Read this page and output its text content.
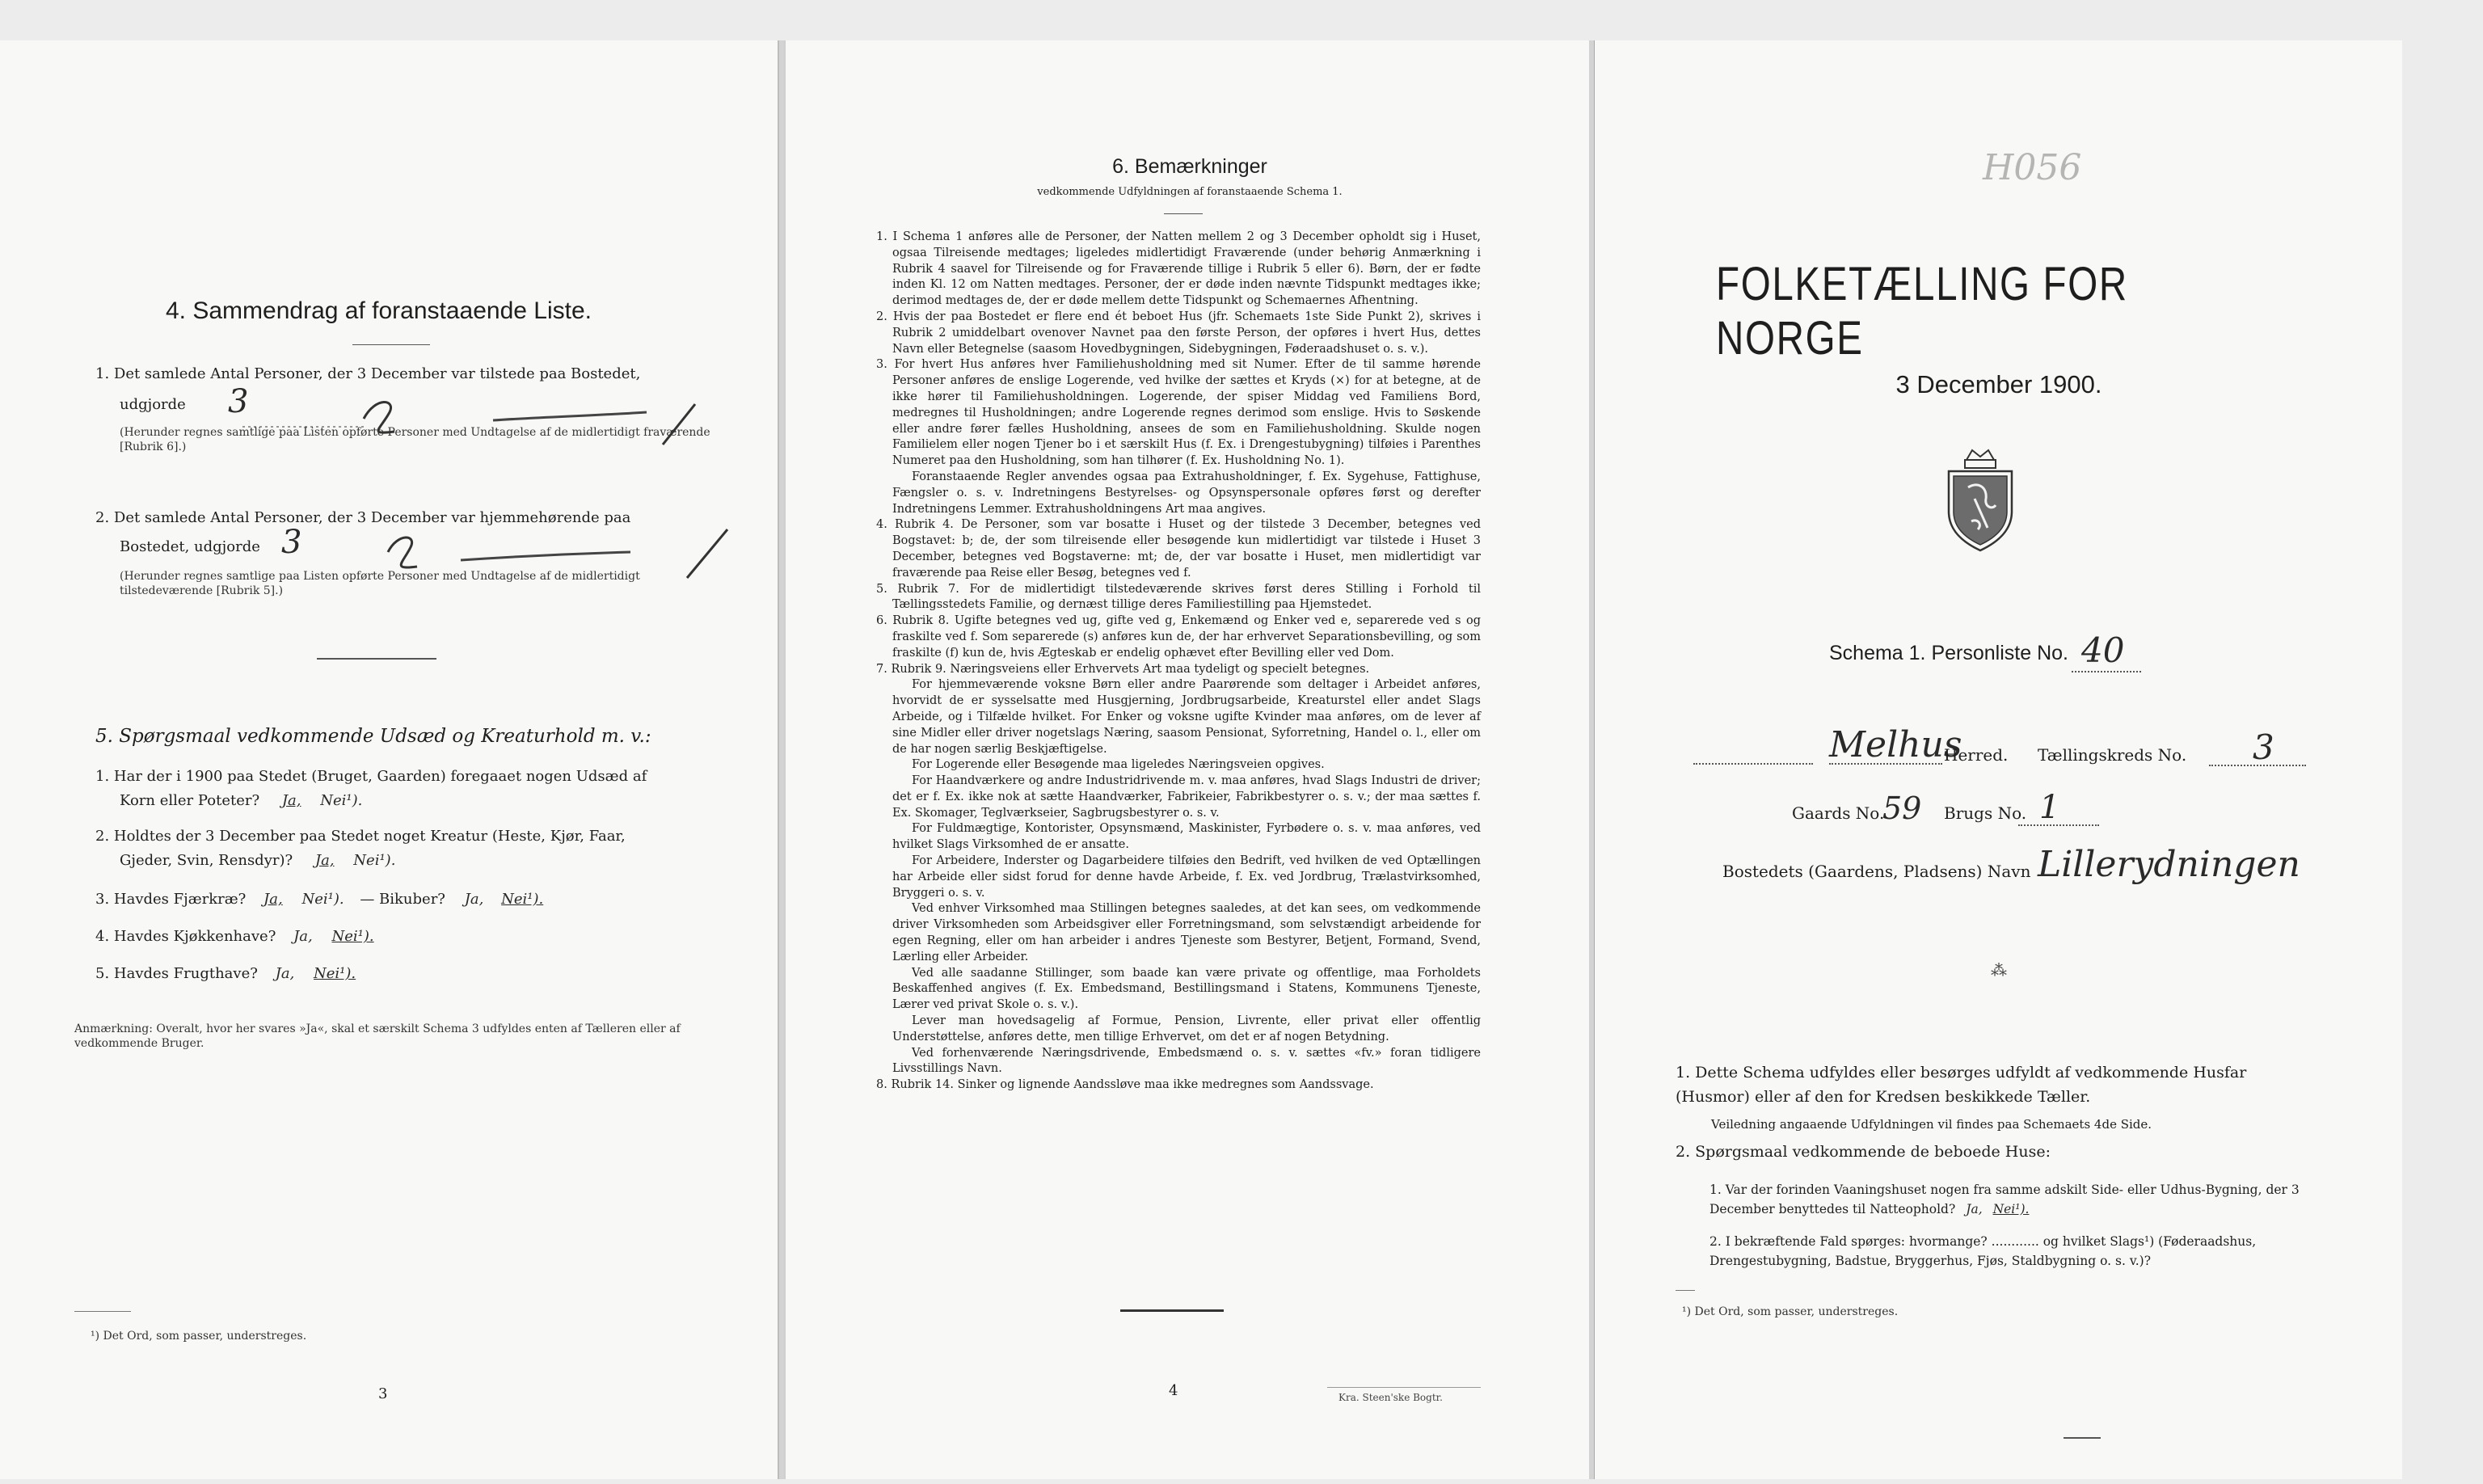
4. Sammendrag af foranstaaende Liste.
1. Det samlede Antal Personer, der 3 December var tilstede paa Bostedet,
udgjorde 3
(Herunder regnes samtlige paa Listen opførte Personer med Undtagelse af de midlertidigt fraværende [Rubrik 6].)
2. Det samlede Antal Personer, der 3 December var hjemmehørende paa
Bostedet, udgjorde 3
(Herunder regnes samtlige paa Listen opførte Personer med Undtagelse af de midlertidigt tilstedeværende [Rubrik 5].)
5. Spørgsmaal vedkommende Udsæd og Kreaturhold m. v.:
1. Har der i 1900 paa Stedet (Bruget, Gaarden) foregaaet nogen Udsæd af
Korn eller Poteter? Ja, Nei¹).
2. Holdtes der 3 December paa Stedet noget Kreatur (Heste, Kjør, Faar,
Gjeder, Svin, Rensdyr)? Ja, Nei¹).
3. Havdes Fjærkræ? Ja, Nei¹). — Bikuber? Ja, Nei¹).
4. Havdes Kjøkkenhave? Ja, Nei¹).
5. Havdes Frugthave? Ja, Nei¹).
Anmærkning: Overalt, hvor her svares »Ja«, skal et særskilt Schema 3 udfyldes enten af Tælleren eller af vedkommende Bruger.
¹) Det Ord, som passer, understreges.
3
6. Bemærkninger
vedkommende Udfyldningen af foranstaaende Schema 1.

1. I Schema 1 anføres alle de Personer, der Natten mellem 2 og 3 December opholdt sig i Huset, ogsaa Tilreisende medtages; ligeledes midlertidigt Fraværende (under behørig Anmærkning i Rubrik 4 saavel for Tilreisende og for Fraværende tillige i Rubrik 5 eller 6). Børn, der er fødte inden Kl. 12 om Natten medtages. Personer, der er døde inden nævnte Tidspunkt medtages ikke; derimod medtages de, der er døde mellem dette Tidspunkt og Schemaernes Afhentning.

2. Hvis der paa Bostedet er flere end ét beboet Hus (jfr. Schemaets 1ste Side Punkt 2), skrives i Rubrik 2 umiddelbart ovenover Navnet paa den første Person, der opføres i hvert Hus, dettes Navn eller Betegnelse (saasom Hovedbygningen, Sidebygningen, Føderaadshuset o. s. v.).

3. For hvert Hus anføres hver Familiehusholdning med sit Numer. Efter de til samme hørende Personer anføres de enslige Logerende, ved hvilke der sættes et Kryds (×) for at betegne, at de ikke hører til Familiehusholdningen. Logerende, der spiser Middag ved Familiens Bord, medregnes til Husholdningen; andre Logerende regnes derimod som enslige. Hvis to Søskende eller andre fører fælles Husholdning, ansees de som en Familiehusholdning. Skulde nogen Familielem eller nogen Tjener bo i et særskilt Hus (f. Ex. i Drengestubygning) tilføies i Parenthes Numeret paa den Husholdning, som han tilhører (f. Ex. Husholdning No. 1).

Foranstaaende Regler anvendes ogsaa paa Extrahusholdninger, f. Ex. Sygehuse, Fattighuse, Fængsler o. s. v. Indretningens Bestyrelses- og Opsynspersonale opføres først og derefter Indretningens Lemmer. Extrahusholdningens Art maa angives.

4. Rubrik 4. De Personer, som var bosatte i Huset og der tilstede 3 December, betegnes ved Bogstavet: b; de, der som tilreisende eller besøgende kun midlertidigt var tilstede i Huset 3 December, betegnes ved Bogstaverne: mt; de, der var bosatte i Huset, men midlertidigt var fraværende paa Reise eller Besøg, betegnes ved f.

5. Rubrik 7. For de midlertidigt tilstedeværende skrives først deres Stilling i Forhold til Tællingsstedets Familie, og dernæst tillige deres Familiestilling paa Hjemstedet.

6. Rubrik 8. Ugifte betegnes ved ug, gifte ved g, Enkemænd og Enker ved e, separerede ved s og fraskilte ved f. Som separerede (s) anføres kun de, der har erhvervet Separationsbevilling, og som fraskilte (f) kun de, hvis Ægteskab er endelig ophævet efter Bevilling eller ved Dom.

7. Rubrik 9. Næringsveiens eller Erhvervets Art maa tydeligt og specielt betegnes.

For hjemmeværende voksne Børn eller andre Paarørende som deltager i Arbeidet anføres, hvorvidt de er sysselsatte med Husgjerning, Jordbrugsarbeide, Kreaturstel eller andet Slags Arbeide, og i Tilfælde hvilket. For Enker og voksne ugifte Kvinder maa anføres, om de lever af sine Midler eller driver nogetslags Næring, saasom Pensionat, Syforretning, Handel o. l., eller om de har nogen særlig Beskjæftigelse.

For Logerende eller Besøgende maa ligeledes Næringsveien opgives.

For Haandværkere og andre Industridrivende m. v. maa anføres, hvad Slags Industri de driver; det er f. Ex. ikke nok at sætte Haandværker, Fabrikeier, Fabrikbestyrer o. s. v.; der maa sættes f. Ex. Skomager, Teglværkseier, Sagbrugsbestyrer o. s. v.

For Fuldmægtige, Kontorister, Opsynsmænd, Maskinister, Fyrbødere o. s. v. maa anføres, ved hvilket Slags Virksomhed de er ansatte.

For Arbeidere, Inderster og Dagarbeidere tilføies den Bedrift, ved hvilken de ved Optællingen har Arbeide eller sidst forud for denne havde Arbeide, f. Ex. ved Jordbrug, Trælastvirksomhed, Bryggeri o. s. v.

Ved enhver Virksomhed maa Stillingen betegnes saaledes, at det kan sees, om vedkommende driver Virksomheden som Arbeidsgiver eller Forretningsmand, som selvstændigt arbeidende for egen Regning, eller om han arbeider i andres Tjeneste som Bestyrer, Betjent, Formand, Svend, Lærling eller Arbeider.

Ved alle saadanne Stillinger, som baade kan være private og offentlige, maa Forholdets Beskaffenhed angives (f. Ex. Embedsmand, Bestillingsmand i Statens, Kommunens Tjeneste, Lærer ved privat Skole o. s. v.).

Lever man hovedsagelig af Formue, Pension, Livrente, eller privat eller offentlig Understøttelse, anføres dette, men tillige Erhvervet, om det er af nogen Betydning.

Ved forhenværende Næringsdrivende, Embedsmænd o. s. v. sættes «fv.» foran tidligere Livsstillings Navn.

8. Rubrik 14. Sinker og lignende Aandssløve maa ikke medregnes som Aandssvage.

4	Kra. Steen'ske Bogtr.
H056
FOLKETÆLLING FOR NORGE
3 December 1900.
Schema 1. Personliste No. 40
Melhus
Herred. Tællingskreds No. 3
Gaards No.
59 Brugs No. 1
Bostedets (Gaardens, Pladsens) Navn Lillerydningen
⁂
1. Dette Schema udfyldes eller besørges udfyldt af vedkommende Husfar (Husmor) eller af den for Kredsen beskikkede Tæller.
Veiledning angaaende Udfyldningen vil findes paa Schemaets 4de Side.
2. Spørgsmaal vedkommende de beboede Huse:
1. Var der forinden Vaaningshuset nogen fra samme adskilt Side- eller Udhus-Bygning, der 3 December benyttedes til Natteophold? Ja, Nei¹).
2. I bekræftende Fald spørges: hvormange? ............ og hvilket Slags¹) (Føderaadshus, Drengestubygning, Badstue, Bryggerhus, Fjøs, Staldbygning o. s. v.)?
¹) Det Ord, som passer, understreges.
